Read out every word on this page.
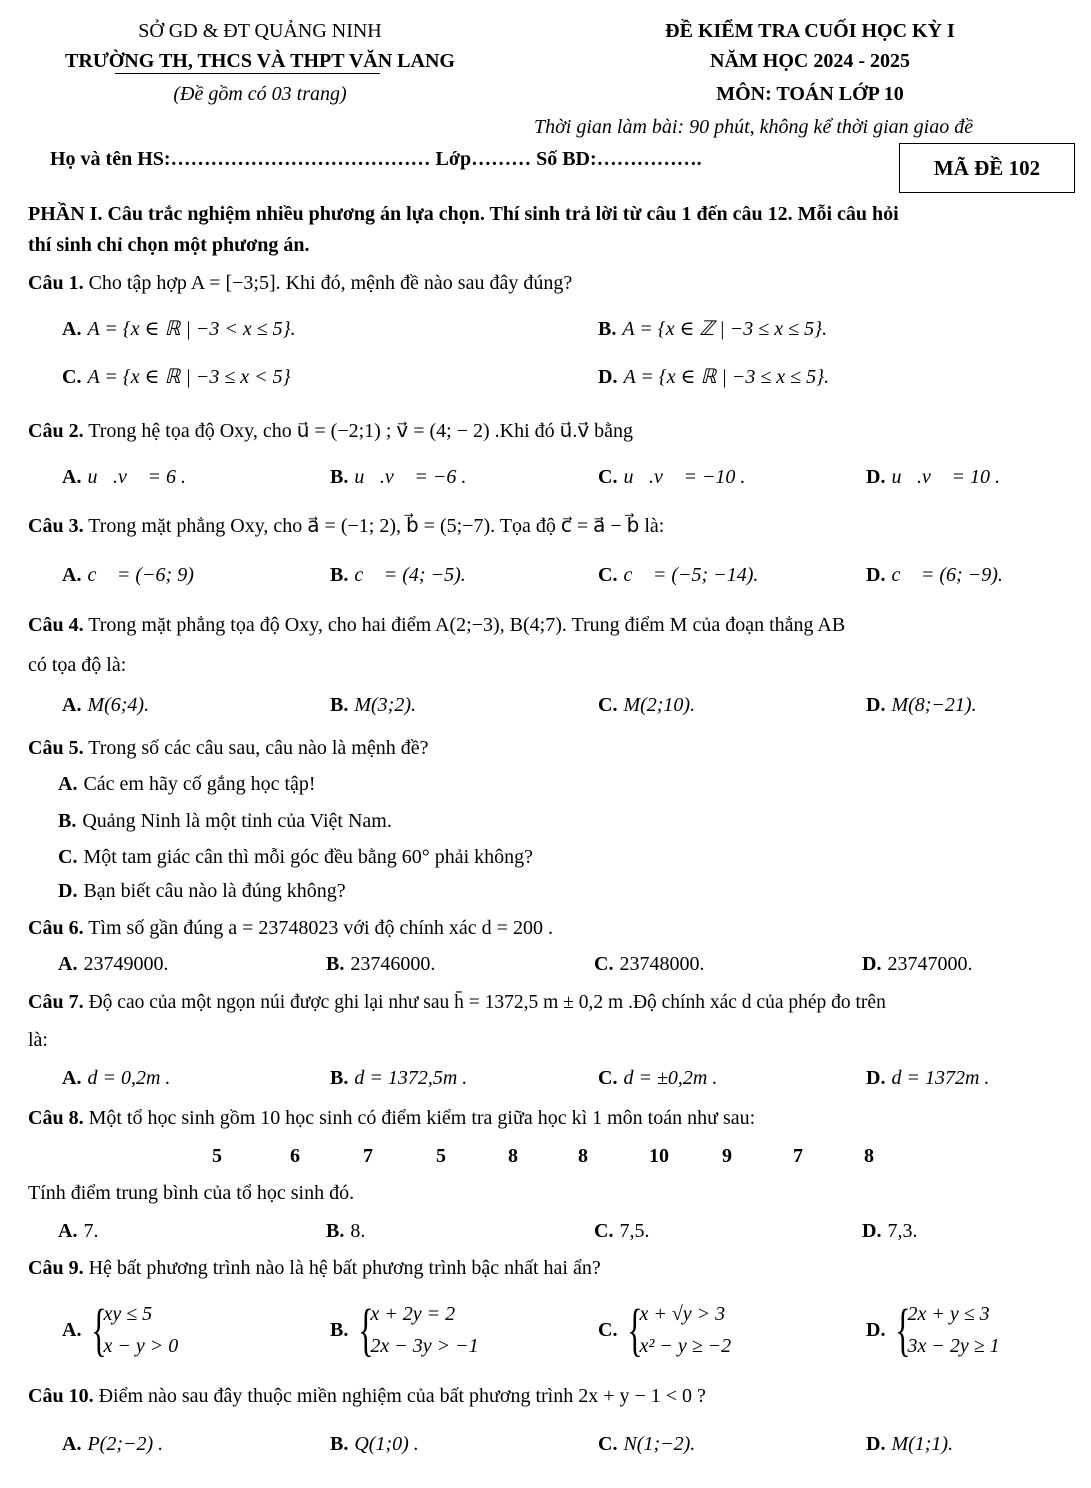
SỞ GD & ĐT QUẢNG NINH
TRƯỜNG TH, THCS VÀ THPT VĂN LANG
(Đề gồm có 03 trang)
ĐỀ KIỂM TRA CUỐI HỌC KỲ I
NĂM HỌC 2024 - 2025
MÔN: TOÁN LỚP 10
Thời gian làm bài: 90 phút, không kể thời gian giao đề
Họ và tên HS:………………………………… Lớp……… Số BD:…………….	MÃ ĐỀ 102
PHẦN I. Câu trắc nghiệm nhiều phương án lựa chọn. Thí sinh trả lời từ câu 1 đến câu 12. Mỗi câu hỏi
thí sinh chỉ chọn một phương án.
Câu 1. Cho tập hợp A = [−3;5]. Khi đó, mệnh đề nào sau đây đúng?
A. A = {x ∈ ℝ | −3 < x ≤ 5}.	B. A = {x ∈ ℤ | −3 ≤ x ≤ 5}.
C. A = {x ∈ ℝ | −3 ≤ x < 5}	D. A = {x ∈ ℝ | −3 ≤ x ≤ 5}.
Câu 2. Trong hệ tọa độ Oxy, cho u⃗ = (−2;1) ; v⃗ = (4; − 2) .Khi đó u⃗.v⃗ bằng
A. u⃗.v⃗ = 6 .	B. u⃗.v⃗ = −6 .	C. u⃗.v⃗ = −10 .	D. u⃗.v⃗ = 10 .
Câu 3. Trong mặt phẳng Oxy, cho a⃗ = (−1; 2), b⃗ = (5;−7). Tọa độ c⃗ = a⃗ − b⃗ là:
A. c⃗ = (−6; 9)	B. c⃗ = (4; −5).	C. c⃗ = (−5; −14).	D. c⃗ = (6; −9).
Câu 4. Trong mặt phẳng tọa độ Oxy, cho hai điểm A(2;−3), B(4;7). Trung điểm M của đoạn thẳng AB
có tọa độ là:
A. M(6;4).	B. M(3;2).	C. M(2;10).	D. M(8;−21).
Câu 5. Trong số các câu sau, câu nào là mệnh đề?
A. Các em hãy cố gắng học tập!
B. Quảng Ninh là một tỉnh của Việt Nam.
C. Một tam giác cân thì mỗi góc đều bằng 60° phải không?
D. Bạn biết câu nào là đúng không?
Câu 6. Tìm số gần đúng a = 23748023 với độ chính xác d = 200 .
A. 23749000.	B. 23746000.	C. 23748000.	D. 23747000.
Câu 7. Độ cao của một ngọn núi được ghi lại như sau h̄ = 1372,5 m ± 0,2 m .Độ chính xác d của phép đo trên
là:
A. d = 0,2m .	B. d = 1372,5m .	C. d = ±0,2m .	D. d = 1372m .
Câu 8. Một tổ học sinh gồm 10 học sinh có điểm kiểm tra giữa học kì 1 môn toán như sau:
5	6	7	5	8	8	10	9	7	8
Tính điểm trung bình của tổ học sinh đó.
A. 7.	B. 8.	C. 7,5.	D. 7,3.
Câu 9. Hệ bất phương trình nào là hệ bất phương trình bậc nhất hai ẩn?
A.{ xy ≤ 5
x − y > 0
B.{ x + 2y = 2
2x − 3y > −1
C.{ x + √y > 3
x² − y ≥ −2
D.{ 2x + y ≤ 3
3x − 2y ≥ 1
Câu 10. Điểm nào sau đây thuộc miền nghiệm của bất phương trình 2x + y − 1 < 0 ?
A. P(2;−2) .	B. Q(1;0) .	C. N(1;−2).	D. M(1;1).
